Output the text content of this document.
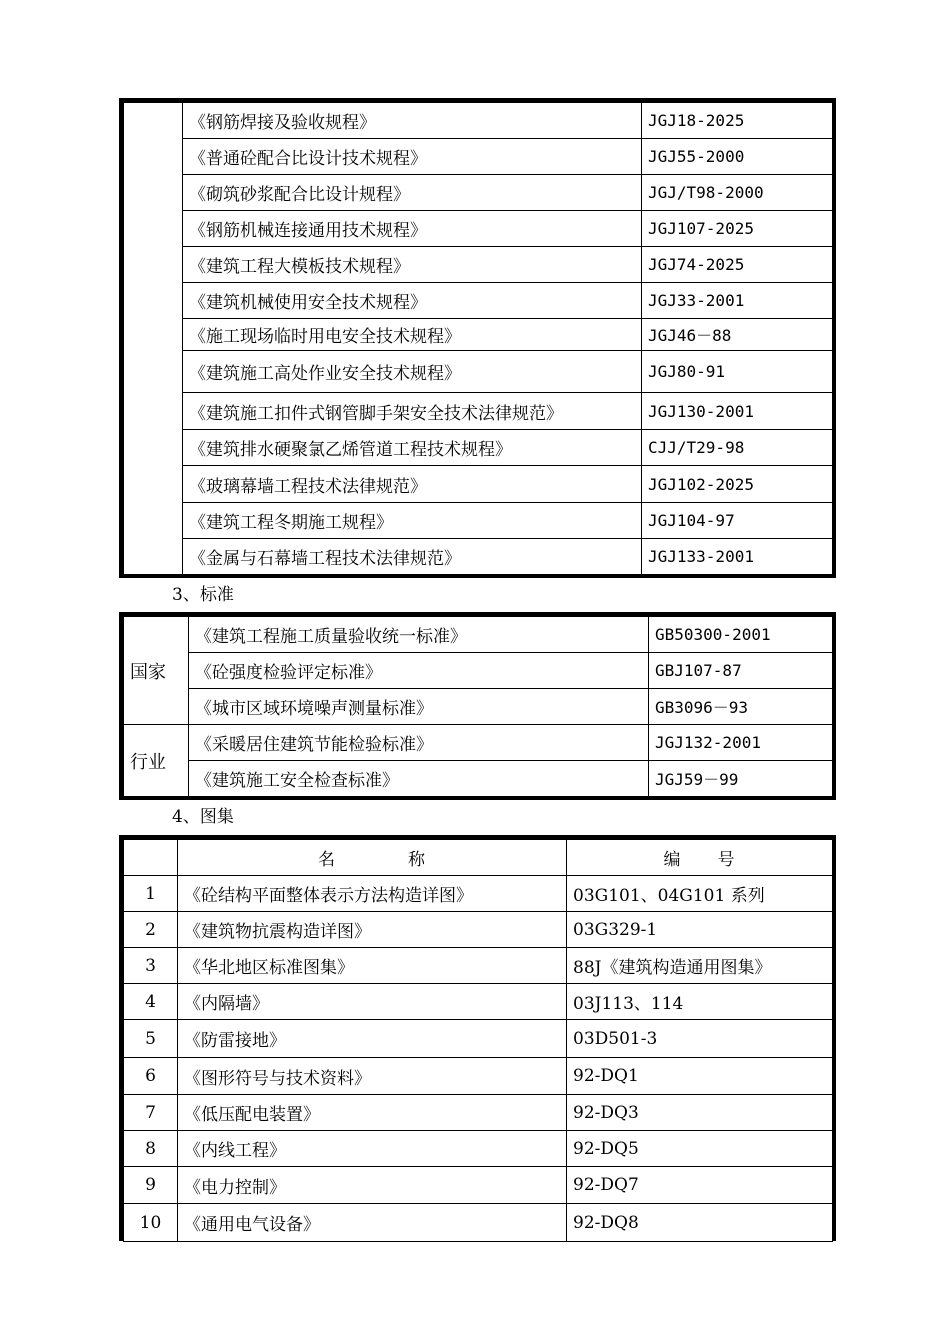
	《钢筋焊接及验收规程》	JGJ18-2025
	《普通砼配合比设计技术规程》	JGJ55-2000
	《砌筑砂浆配合比设计规程》	JGJ/T98-2000
	《钢筋机械连接通用技术规程》	JGJ107-2025
	《建筑工程大模板技术规程》	JGJ74-2025
	《建筑机械使用安全技术规程》	JGJ33-2001
	《施工现场临时用电安全技术规程》	JGJ46－88
	《建筑施工高处作业安全技术规程》	JGJ80-91
	《建筑施工扣件式钢管脚手架安全技术法律规范》	JGJ130-2001
	《建筑排水硬聚氯乙烯管道工程技术规程》	CJJ/T29-98
	《玻璃幕墙工程技术法律规范》	JGJ102-2025
	《建筑工程冬期施工规程》	JGJ104-97
	《金属与石幕墙工程技术法律规范》	JGJ133-2001
3、标准
国家	《建筑工程施工质量验收统一标准》	GB50300-2001
	《砼强度检验评定标准》	GBJ107-87
	《城市区域环境噪声测量标准》	GB3096－93
行业	《采暖居住建筑节能检验标准》	JGJ132-2001
	《建筑施工安全检查标准》	JGJ59－99
4、图集
	名　　　　称	编　　号
1	《砼结构平面整体表示方法构造详图》	03G101、04G101 系列
2	《建筑物抗震构造详图》	03G329-1
3	《华北地区标准图集》	88J《建筑构造通用图集》
4	《内隔墙》	03J113、114
5	《防雷接地》	03D501-3
6	《图形符号与技术资料》	92-DQ1
7	《低压配电装置》	92-DQ3
8	《内线工程》	92-DQ5
9	《电力控制》	92-DQ7
10	《通用电气设备》	92-DQ8
